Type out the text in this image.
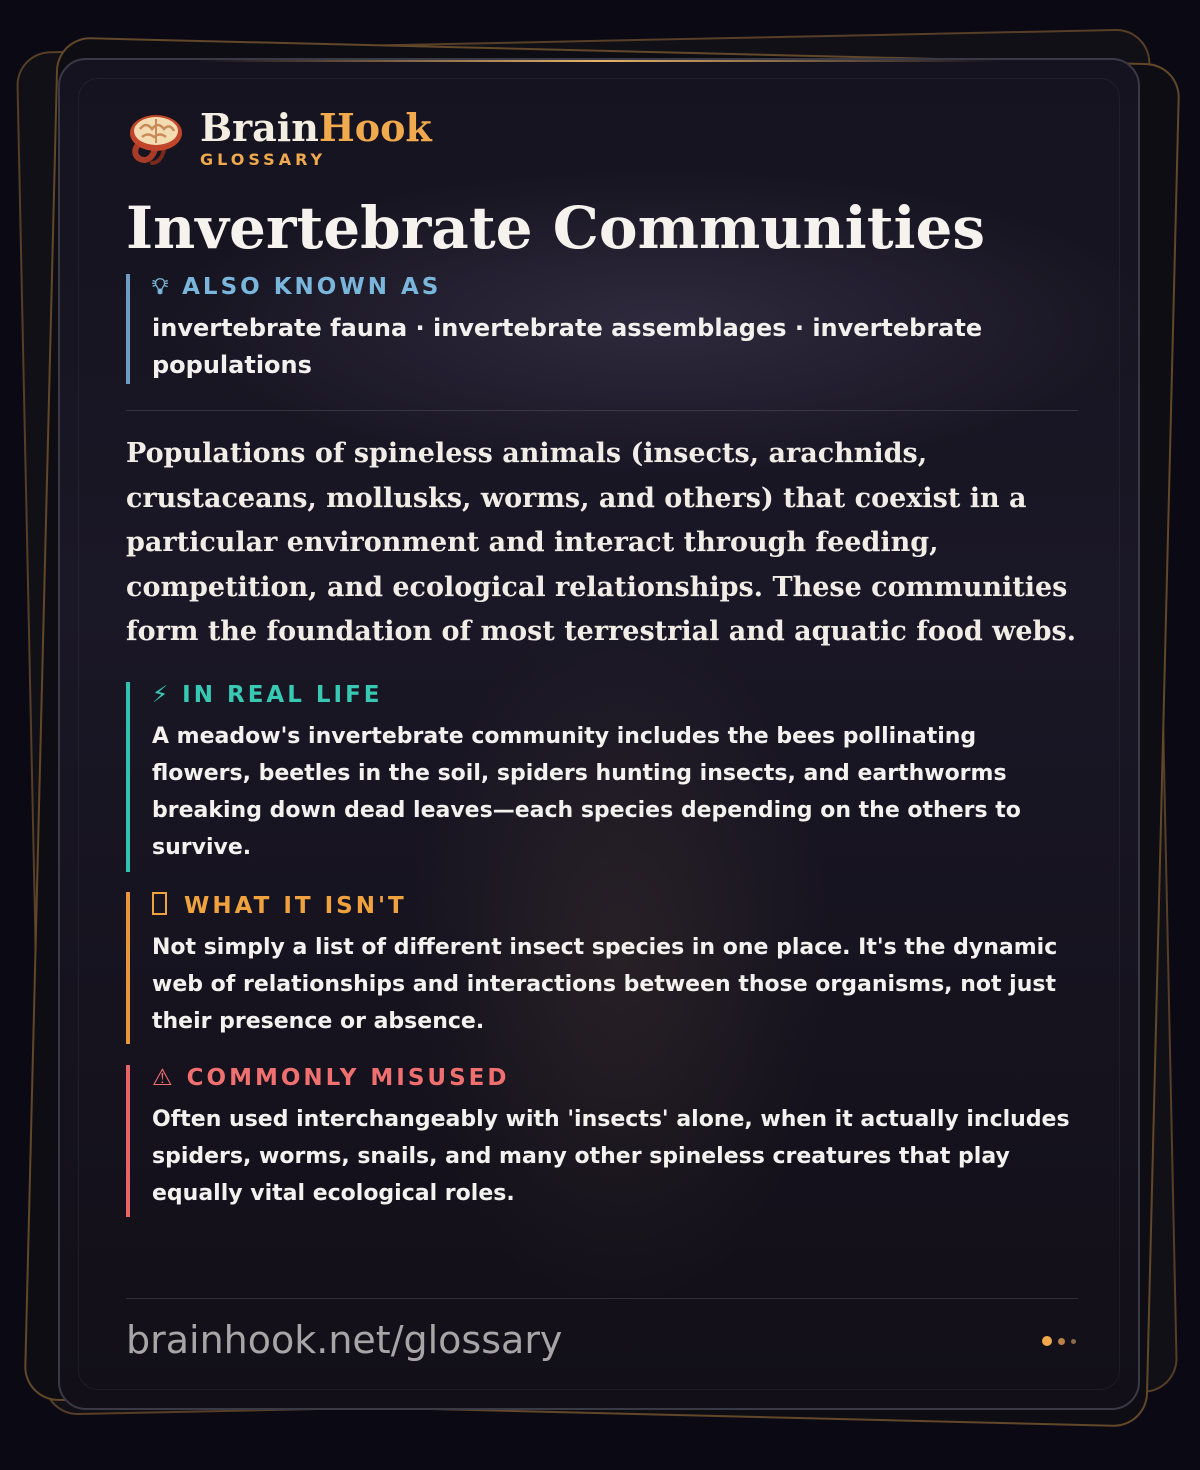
BrainHook
GLOSSARY
Invertebrate Communities
💡︎ ALSO KNOWN AS
invertebrate fauna · invertebrate assemblages · invertebrate populations

Populations of spineless animals (insects, arachnids, crustaceans, mollusks, worms, and others) that coexist in a particular environment and interact through feeding, competition, and ecological relationships. These communities form the foundation of most terrestrial and aquatic food webs.

⚡︎ IN REAL LIFE
A meadow's invertebrate community includes the bees pollinating flowers, beetles in the soil, spiders hunting insects, and earthworms breaking down dead leaves—each species depending on the others to survive.
WHAT IT ISN'T
Not simply a list of different insect species in one place. It's the dynamic web of relationships and interactions between those organisms, not just their presence or absence.
⚠︎ COMMONLY MISUSED
Often used interchangeably with 'insects' alone, when it actually includes spiders, worms, snails, and many other spineless creatures that play equally vital ecological roles.
brainhook.net/glossary
